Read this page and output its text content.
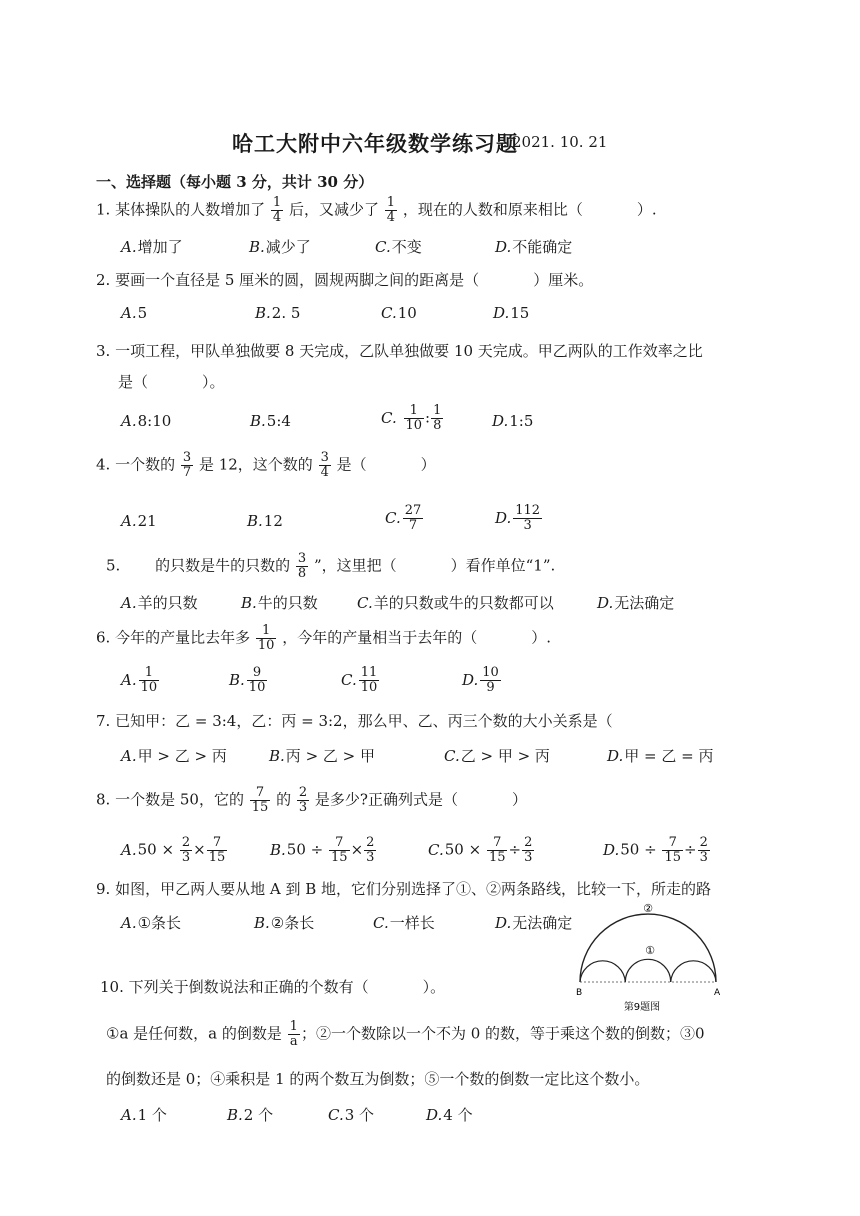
哈工大附中六年级数学练习题
2021. 10. 21
一、选择题（每小题 3 分，共计 30 分）
1. 某体操队的人数增加了 $\frac{1}{4}$ 后，又减少了 $\frac{1}{4}$ ，现在的人数和原来相比（	）.
A.增加了	B.减少了	C.不变	D.不能确定
2. 要画一个直径是 5 厘米的圆，圆规两脚之间的距离是（	）厘米。
A.5	B.2. 5	C.10	D.15
3. 一项工程，甲队单独做要 8 天完成，乙队单独做要 10 天完成。甲乙两队的工作效率之比
是（	）。
A.8:10	B.5:4	C. $\frac{1}{10}$ : $\frac{1}{8}$	D.1:5
4. 一个数的 $\frac{3}{7}$ 是 12，这个数的 $\frac{3}{4}$ 是（	）
A.21	B.12	C. $\frac{27}{7}$	D. $\frac{112}{3}$
5. 的只数是牛的只数的 $\frac{3}{8}$ ”，这里把（	）看作单位“1”.
A.羊的只数	B.牛的只数	C.羊的只数或牛的只数都可以	D.无法确定
6. 今年的产量比去年多 $\frac{1}{10}$ ，今年的产量相当于去年的（	）.
A. $\frac{1}{10}$	B. $\frac{9}{10}$	C. $\frac{11}{10}$	D. $\frac{10}{9}$
7. 已知甲：乙 = 3:4，乙：丙 = 3:2，那么甲、乙、丙三个数的大小关系是（
A.甲 > 乙 > 丙	B.丙 > 乙 > 甲	C.乙 > 甲 > 丙	D.甲 = 乙 = 丙
8. 一个数是 50，它的 $\frac{7}{15}$ 的 $\frac{2}{3}$ 是多少?正确列式是（	）
$A.50 \times \frac{2}{3} \times \frac{7}{15}$	$B.50 \div \frac{7}{15} \times \frac{2}{3}$	$C.50 \times \frac{7}{15} \div \frac{2}{3}$	$D.50 \div \frac{7}{15} \div \frac{2}{3}$
9. 如图，甲乙两人要从地 A 到 B 地，它们分别选择了①、②两条路线，比较一下，所走的路
A.①条长	B.②条长	C.一样长	D.无法确定
②
①
B	A
第9题图
10. 下列关于倒数说法和正确的个数有（	）。
①a 是任何数，a 的倒数是 $\frac{1}{a}$ ；②一个数除以一个不为 0 的数，等于乘这个数的倒数；③0
的倒数还是 0；④乘积是 1 的两个数互为倒数；⑤一个数的倒数一定比这个数小。
A.1 个	B.2 个	C.3 个	D.4 个
